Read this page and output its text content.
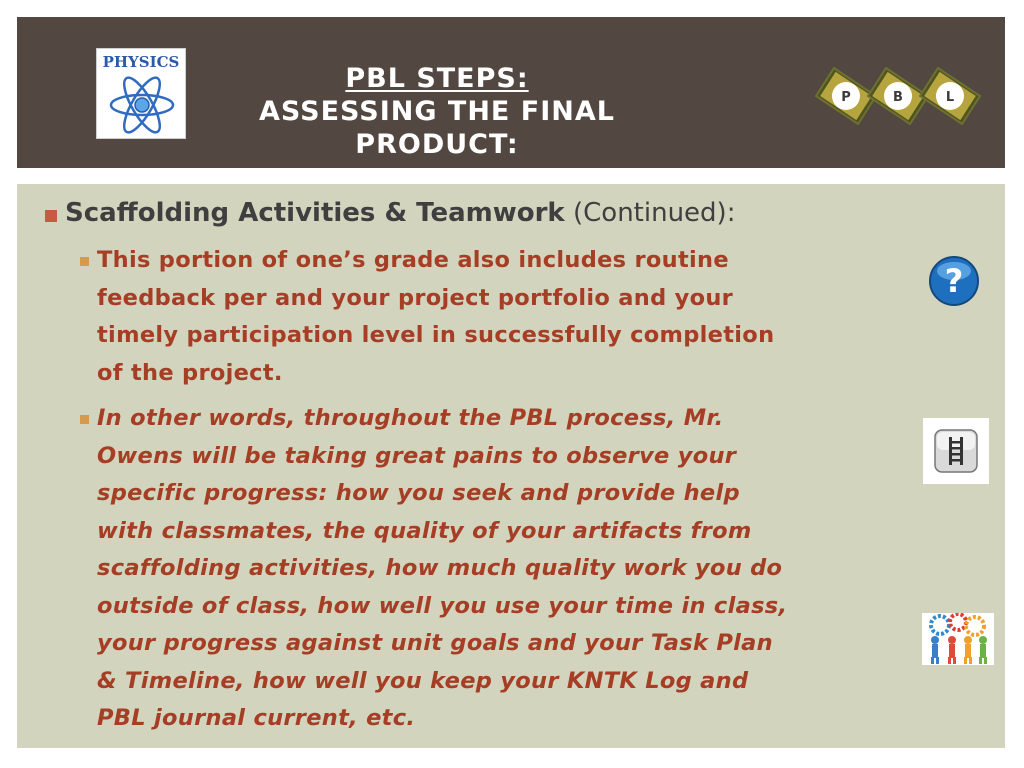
PHYSICS
PBL STEPS:
ASSESSING THE FINAL PRODUCT:
P	B	L
Scaffolding Activities & Teamwork (Continued):
This portion of one’s grade also includes routine
feedback per and your project portfolio and your
timely participation level in successfully completion
of the project.
In other words, throughout the PBL process, Mr.
Owens will be taking great pains to observe your
specific progress: how you seek and provide help
with classmates, the quality of your artifacts from
scaffolding activities, how much quality work you do
outside of class, how well you use your time in class,
your progress against unit goals and your Task Plan
& Timeline, how well you keep your KNTK Log and
PBL journal current, etc.
?
